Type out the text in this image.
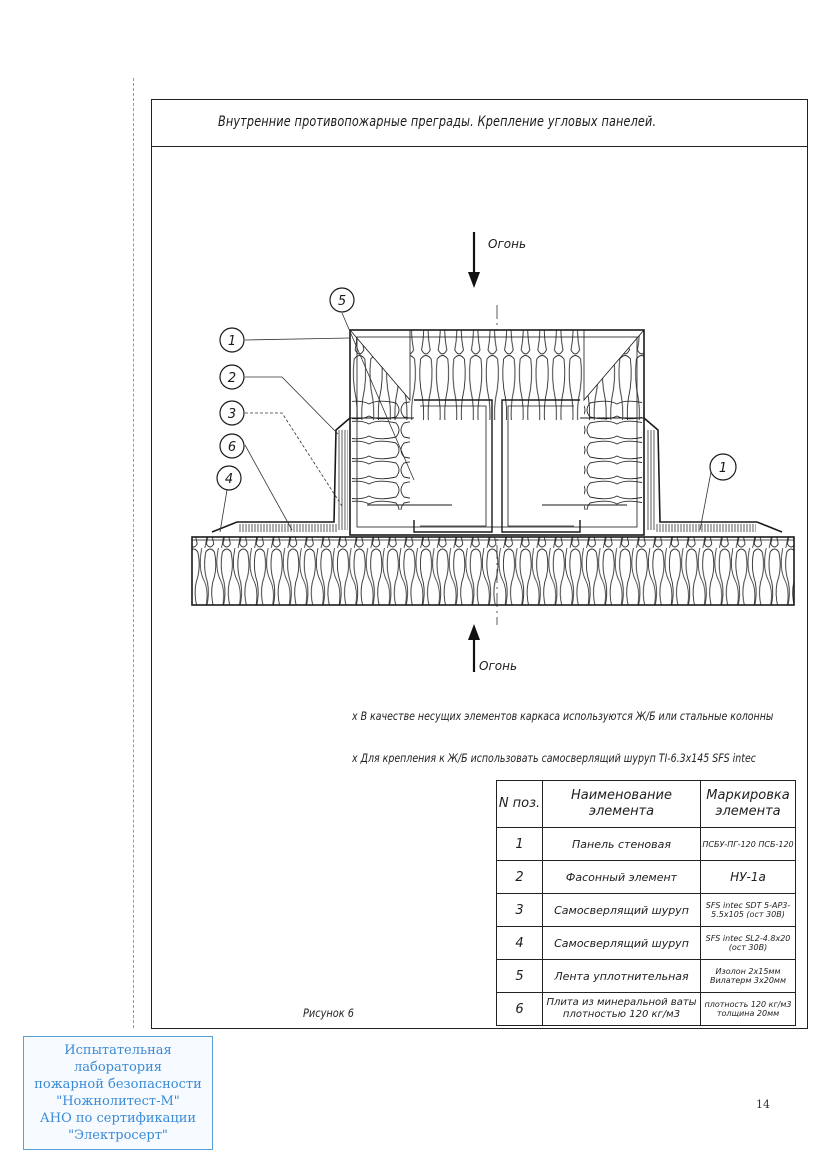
Внутренние противопожарные преграды. Крепление угловых панелей.
Огонь
Огонь
1
2
3
6
4
5
1
x В качестве несущих элементов каркаса используются Ж/Б или стальные колонны
x Для крепления к Ж/Б использовать самосверлящий шуруп TI-6.3x145 SFS intec
N поз.	Наименование элемента	Маркировка элемента
1	Панель стеновая	ПСБУ-ПГ-120 ПСБ-120
2	Фасонный элемент	НУ-1а
3	Самосверлящий шуруп	SFS intec SDT 5-AP3-5.5x105 (ост 30В)
4	Самосверлящий шуруп	SFS intec SL2-4.8x20 (ост 30В)
5	Лента уплотнительная	Изолон 2x15мм Вилатерм 3x20мм
6	Плита из минеральной ваты плотностью 120 кг/м3	плотность 120 кг/м3 толщина 20мм
Рисунок 6
Испытательная
лаборатория
пожарной безопасности
"Ножнолитест-М"
АНО по сертификации
"Электросерт"
14
